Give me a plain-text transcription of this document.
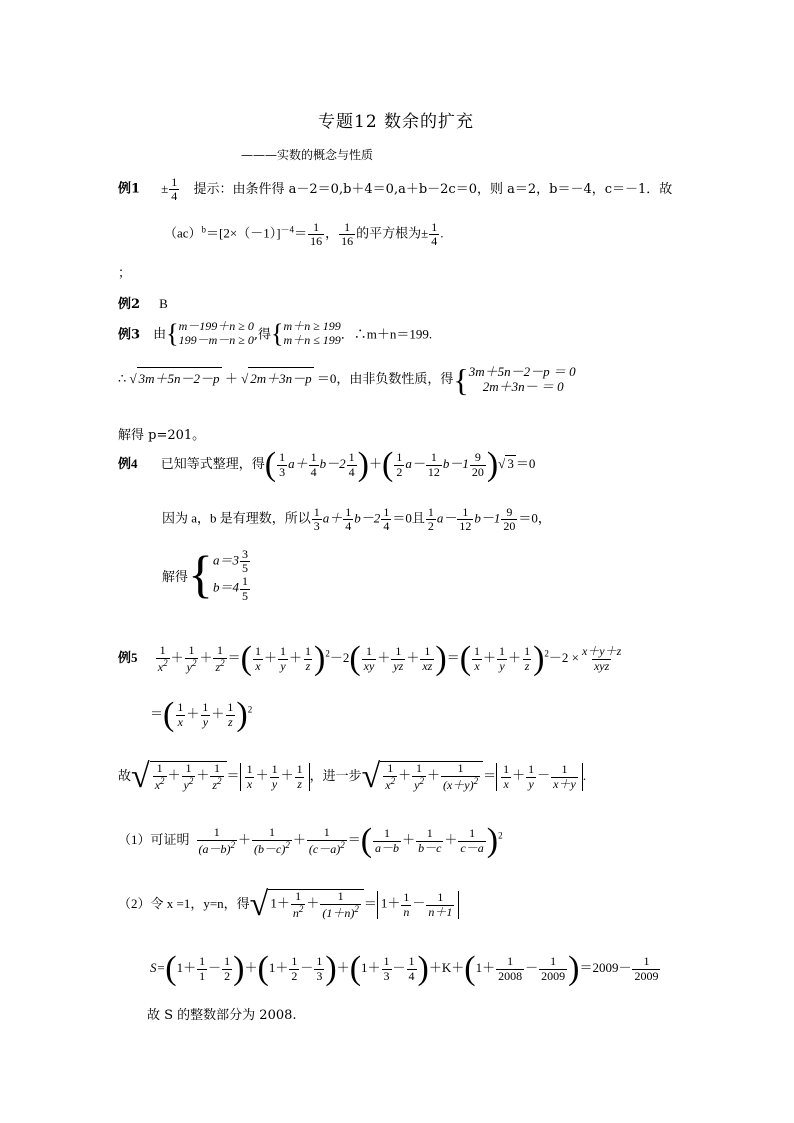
专题12 数余的扩充
———实数的概念与性质
例$1 \pm \frac{1}{4}$ 提示：由条件得 a－2＝0,b＋4＝0,a＋b－2c＝0，则 a＝2，b＝－4，c＝－1．故
$(ac)^b=[2\times(-1)]^{-4}= \frac{1}{16}$ ， $\frac{1}{16}$ 的平方根为± $\frac{1}{4}$ .
；
例2 B
例3 由{ m－199＋n ≥ 0
199－m－n ≥ 0 ,得{ m＋n ≥ 199
m＋n ≤ 199 ．∴m＋n＝199.
∴ √ 3m＋5n－2－p ＋ √ 2m＋3n－p ＝0，由非负数性质，得{ 3m＋5n－2－p ＝ 0
2m＋3n－ ＝ 0
解得 p=201。
例4 已知等式整理，得( $\frac{1}{3} a+ \frac{1}{4} b-2 \frac{1}{4}$ )＋( $\frac{1}{2} a- \frac{1}{12} b-1 \frac{9}{20}$ )√ 3 ＝0
因为 a，b 是有理数，所以 $\frac{1}{3} a+ \frac{1}{4} b-2 \frac{1}{4} =0$且 $\frac{1}{2} a- \frac{1}{12} b-1 \frac{9}{20} =0$，
解得{ $a=3 \frac{3}{5}$
$b=4 \frac{1}{5}$
例$5 \frac{1}{x^2} + \frac{1}{y^2} + \frac{1}{z^2}$ ＝( $\frac{1}{x} + \frac{1}{y} + \frac{1}{z} )^2-2( \frac{1}{xy} + \frac{1}{yz} + \frac{1}{xz}$ )＝( $\frac{1}{x} + \frac{1}{y} + \frac{1}{z} )^2-2 \times \frac{x+y+z}{\text{xyz}}$
＝( $\frac{1}{x} + \frac{1}{y} + \frac{1}{z} )^2$
故√ $\frac{1}{x^2} + \frac{1}{y^2} + \frac{1}{z^2} = \frac{1}{x} + \frac{1}{y} + \frac{1}{z}$ ，进一步√ $\frac{1}{x^2} + \frac{1}{y^2} + \frac{1}{(x+y)^2} = \frac{1}{x} + \frac{1}{y} - \frac{1}{x+y}$ .
（1）可证明 $\frac{1}{(a-b)^2} + \frac{1}{(b-c)^2} + \frac{1}{(c-a)^2}$ ＝( $\frac{1}{a-b} + \frac{1}{b-c} + \frac{1}{c-a} )^2$
（2）令 x =1，y=n，得√ $1+ \frac{1}{n^2} + \frac{1}{(1+n)^2} = 1+ \frac{1}{n} - \frac{1}{n+1}$
$S=(1+ \frac{1}{1} - \frac{1}{2} )+(1+ \frac{1}{2} - \frac{1}{3} )+(1+ \frac{1}{3} - \frac{1}{4} )+K+(1+ \frac{1}{2008} - \frac{1}{2009} )=2009- \frac{1}{2009}$
故 S 的整数部分为 2008.
